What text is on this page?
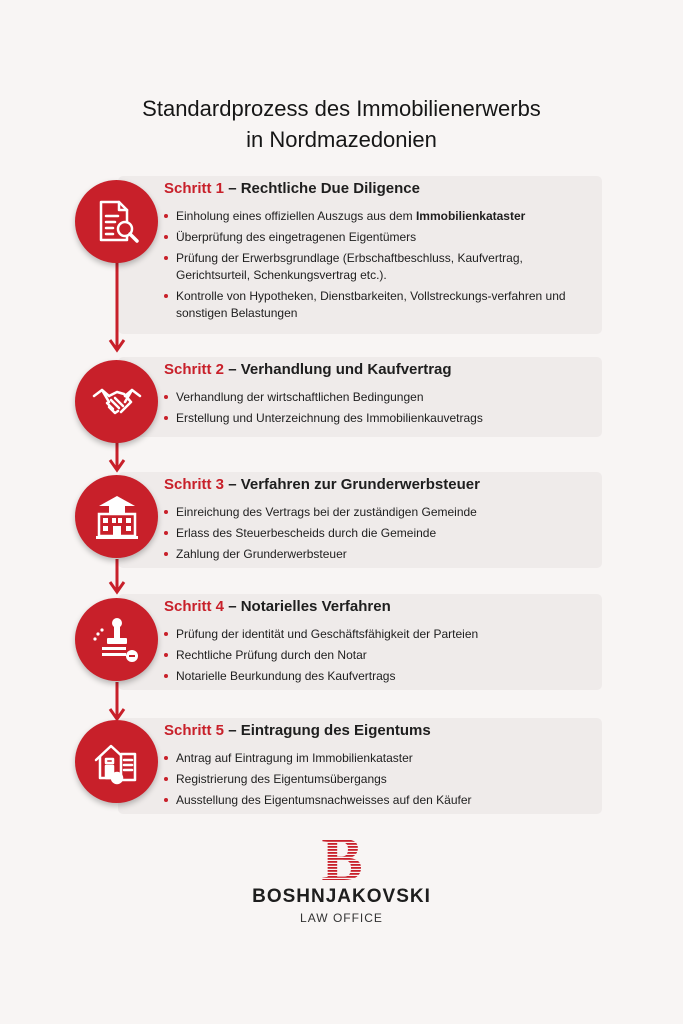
Standardprozess des Immobilienerwerbs
in Nordmazedonien
Schritt 1 – Rechtliche Due Diligence
Einholung eines offiziellen Auszugs aus dem Immobilienkataster
Überprüfung des eingetragenen Eigentümers
Prüfung der Erwerbsgrundlage (Erbschaftbeschluss, Kaufvertrag, Gerichtsurteil, Schenkungsvertrag etc.).
Kontrolle von Hypotheken, Dienstbarkeiten, Vollstreckungs-verfahren und sonstigen Belastungen
Schritt 2 – Verhandlung und Kaufvertrag
Verhandlung der wirtschaftlichen Bedingungen
Erstellung und Unterzeichnung des Immobilienkauvetrags
Schritt 3 – Verfahren zur Grunderwerbsteuer
Einreichung des Vertrags bei der zuständigen Gemeinde
Erlass des Steuerbescheids durch die Gemeinde
Zahlung der Grunderwerbsteuer
Schritt 4 – Notarielles Verfahren
Prüfung der identität und Geschäftsfähigkeit der Parteien
Rechtliche Prüfung durch den Notar
Notarielle Beurkundung des Kaufvertrags
Schritt 5 – Eintragung des Eigentums
Antrag auf Eintragung im Immobilienkataster
Registrierung des Eigentumsübergangs
Ausstellung des Eigentumsnachweisses auf den Käufer
B
BOSHNJAKOVSKI
LAW OFFICE
